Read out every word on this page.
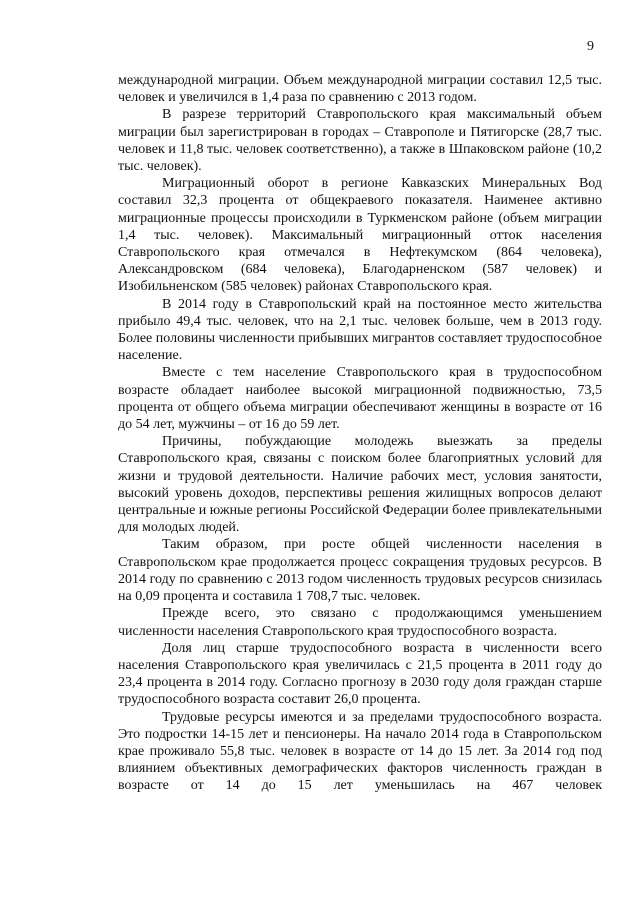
9

международной миграции. Объем международной миграции составил 12,5 тыс. человек и увеличился в 1,4 раза по сравнению с 2013 годом.

В разрезе территорий Ставропольского края максимальный объем миграции был зарегистрирован в городах – Ставрополе и Пятигорске (28,7 тыс. человек и 11,8 тыс. человек соответственно), а также в Шпаковском районе (10,2 тыс. человек).

Миграционный оборот в регионе Кавказских Минеральных Вод составил 32,3 процента от общекраевого показателя. Наименее активно миграционные процессы происходили в Туркменском районе (объем миграции 1,4 тыс. человек). Максимальный миграционный отток населения Ставропольского края отмечался в Нефтекумском (864 человека), Александровском (684 человека), Благодарненском (587 человек) и Изобильненском (585 человек) районах Ставропольского края.

В 2014 году в Ставропольский край на постоянное место жительства прибыло 49,4 тыс. человек, что на 2,1 тыс. человек больше, чем в 2013 году. Более половины численности прибывших мигрантов составляет трудоспособное население.

Вместе с тем население Ставропольского края в трудоспособном возрасте обладает наиболее высокой миграционной подвижностью, 73,5 процента от общего объема миграции обеспечивают женщины в возрасте от 16 до 54 лет, мужчины – от 16 до 59 лет.

Причины, побуждающие молодежь выезжать за пределы Ставропольского края, связаны с поиском более благоприятных условий для жизни и трудовой деятельности. Наличие рабочих мест, условия занятости, высокий уровень доходов, перспективы решения жилищных вопросов делают центральные и южные регионы Российской Федерации более привлекательными для молодых людей.

Таким образом, при росте общей численности населения в Ставропольском крае продолжается процесс сокращения трудовых ресурсов. В 2014 году по сравнению с 2013 годом численность трудовых ресурсов снизилась на 0,09 процента и составила 1 708,7 тыс. человек.

Прежде всего, это связано с продолжающимся уменьшением численности населения Ставропольского края трудоспособного возраста.

Доля лиц старше трудоспособного возраста в численности всего населения Ставропольского края увеличилась с 21,5 процента в 2011 году до 23,4 процента в 2014 году. Согласно прогнозу в 2030 году доля граждан старше трудоспособного возраста составит 26,0 процента.

Трудовые ресурсы имеются и за пределами трудоспособного возраста. Это подростки 14-15 лет и пенсионеры. На начало 2014 года в Ставропольском крае проживало 55,8 тыс. человек в возрасте от 14 до 15 лет. За 2014 год под влиянием объективных демографических факторов численность граждан в возрасте от 14 до 15 лет уменьшилась на 467 человек
